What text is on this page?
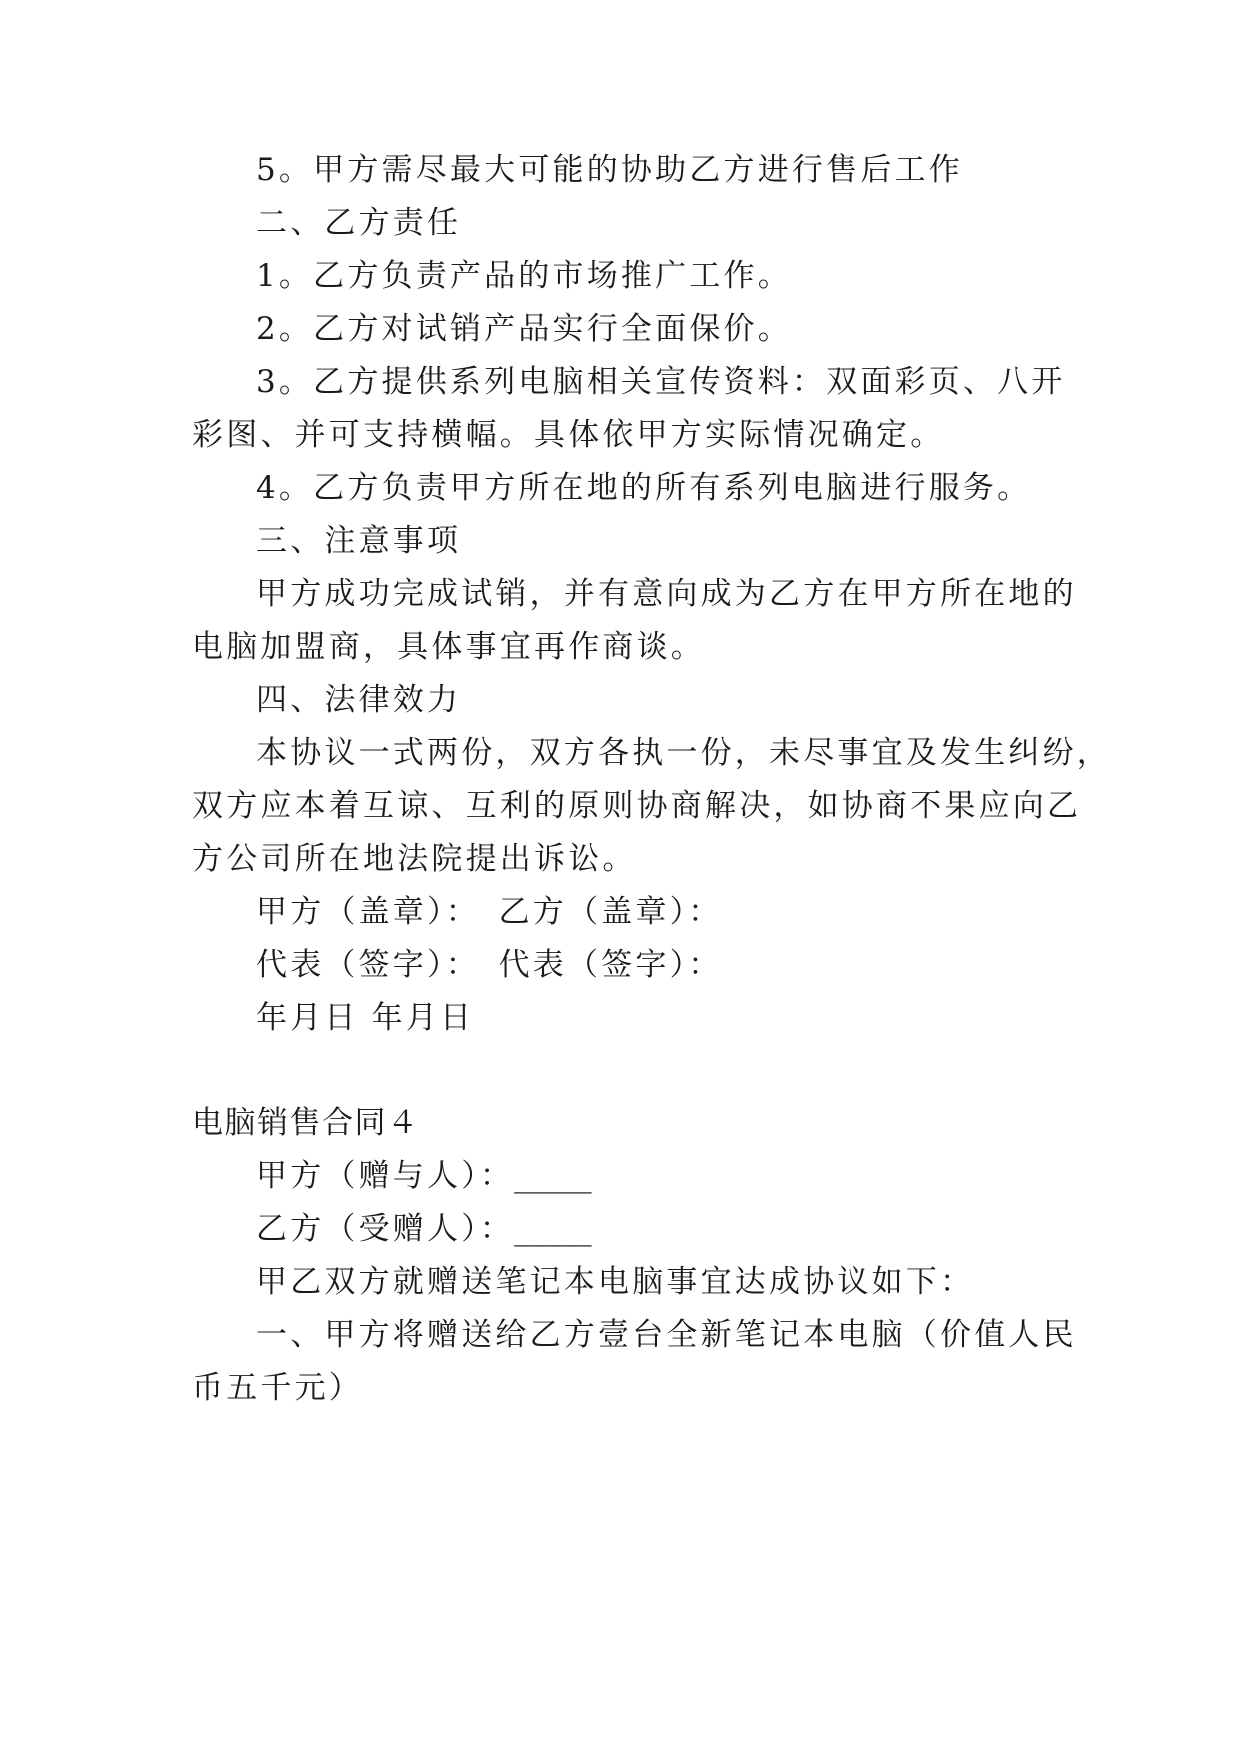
5。甲方需尽最大可能的协助乙方进行售后工作
二、乙方责任
1。乙方负责产品的市场推广工作。
2。乙方对试销产品实行全面保价。
3。乙方提供系列电脑相关宣传资料：双面彩页、八开
彩图、并可支持横幅。具体依甲方实际情况确定。
4。乙方负责甲方所在地的所有系列电脑进行服务。
三、注意事项
甲方成功完成试销，并有意向成为乙方在甲方所在地的
电脑加盟商，具体事宜再作商谈。
四、法律效力
本协议一式两份，双方各执一份，未尽事宜及发生纠纷，
双方应本着互谅、互利的原则协商解决，如协商不果应向乙
方公司所在地法院提出诉讼。
甲方（盖章）：　乙方（盖章）：
代表（签字）：　代表（签字）：
年月日 年月日
电脑销售合同４
甲方（赠与人）：_____
乙方（受赠人）：_____
甲乙双方就赠送笔记本电脑事宜达成协议如下：
一、甲方将赠送给乙方壹台全新笔记本电脑（价值人民
币五千元）
